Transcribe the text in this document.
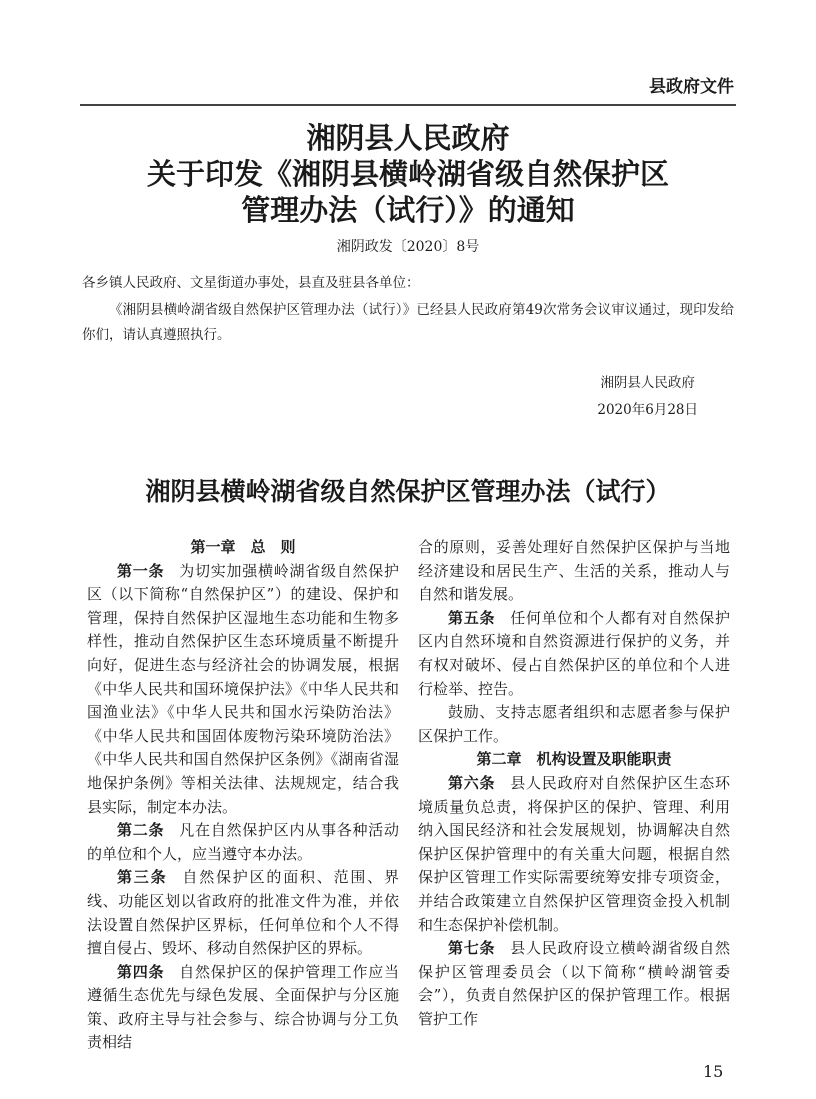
县政府文件
湘阴县人民政府
关于印发《湘阴县横岭湖省级自然保护区
管理办法（试行）》的通知
湘阴政发〔2020〕8号
各乡镇人民政府、文星街道办事处，县直及驻县各单位：
《湘阴县横岭湖省级自然保护区管理办法（试行）》已经县人民政府第49次常务会议审议通过，现印发给你们，请认真遵照执行。
湘阴县人民政府
2020年6月28日
湘阴县横岭湖省级自然保护区管理办法（试行）
第一章　总　则

第一条 为切实加强横岭湖省级自然保护区（以下简称“自然保护区”）的建设、保护和管理，保持自然保护区湿地生态功能和生物多样性，推动自然保护区生态环境质量不断提升向好，促进生态与经济社会的协调发展，根据《中华人民共和国环境保护法》《中华人民共和国渔业法》《中华人民共和国水污染防治法》《中华人民共和国固体废物污染环境防治法》《中华人民共和国自然保护区条例》《湖南省湿地保护条例》等相关法律、法规规定，结合我县实际，制定本办法。

第二条 凡在自然保护区内从事各种活动的单位和个人，应当遵守本办法。

第三条 自然保护区的面积、范围、界线、功能区划以省政府的批准文件为准，并依法设置自然保护区界标，任何单位和个人不得擅自侵占、毁坏、移动自然保护区的界标。

第四条 自然保护区的保护管理工作应当遵循生态优先与绿色发展、全面保护与分区施策、政府主导与社会参与、综合协调与分工负责相结

合的原则，妥善处理好自然保护区保护与当地经济建设和居民生产、生活的关系，推动人与自然和谐发展。

第五条 任何单位和个人都有对自然保护区内自然环境和自然资源进行保护的义务，并有权对破坏、侵占自然保护区的单位和个人进行检举、控告。

鼓励、支持志愿者组织和志愿者参与保护区保护工作。

第二章　机构设置及职能职责

第六条 县人民政府对自然保护区生态环境质量负总责，将保护区的保护、管理、利用纳入国民经济和社会发展规划，协调解决自然保护区保护管理中的有关重大问题，根据自然保护区管理工作实际需要统筹安排专项资金，并结合政策建立自然保护区管理资金投入机制和生态保护补偿机制。

第七条 县人民政府设立横岭湖省级自然保护区管理委员会（以下简称“横岭湖管委会”），负责自然保护区的保护管理工作。根据管护工作

15
